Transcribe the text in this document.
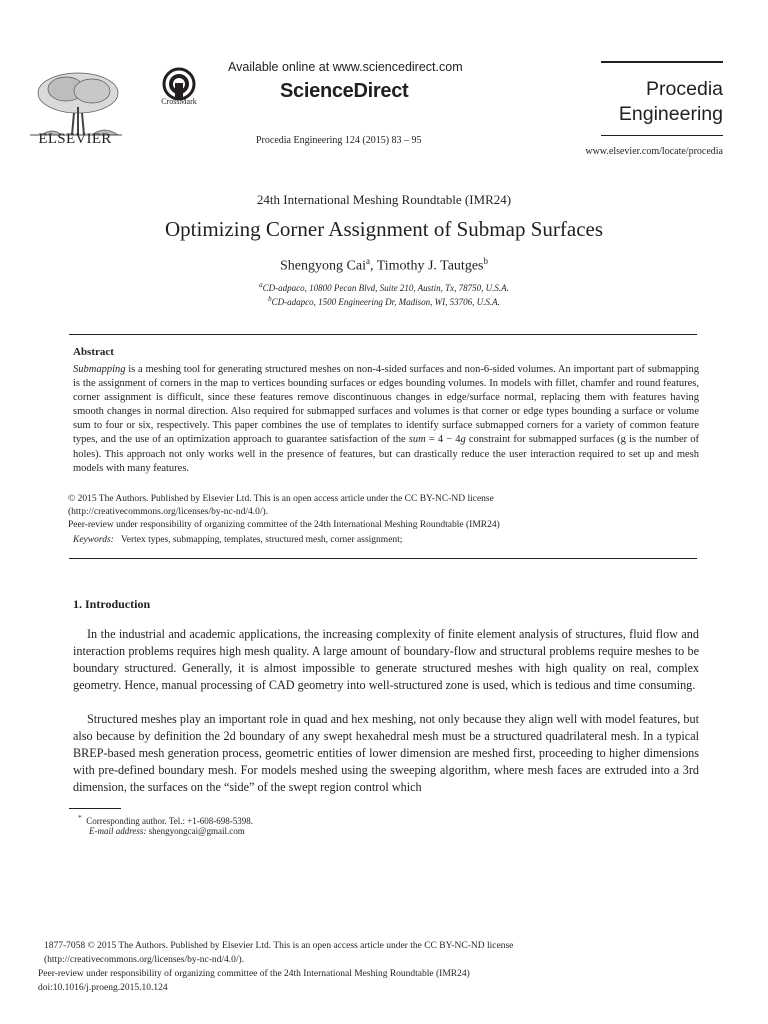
ELSEVIER
CrossMark
Available online at www.sciencedirect.com
ScienceDirect
Procedia Engineering 124 (2015) 83 – 95
Procedia
Engineering
www.elsevier.com/locate/procedia
24th International Meshing Roundtable (IMR24)
Optimizing Corner Assignment of Submap Surfaces
Shengyong Cai$^a$, Timothy J. Tautges$^b$
$^a$CD-adpaco, 10800 Pecan Blvd, Suite 210, Austin, Tx, 78750, U.S.A.
$^b$CD-adapco, 1500 Engineering Dr, Madison, WI, 53706, U.S.A.
Abstract
Submapping is a meshing tool for generating structured meshes on non-4-sided surfaces and non-6-sided volumes. An important part of submapping is the assignment of corners in the map to vertices bounding surfaces or edges bounding volumes. In models with fillet, chamfer and round features, corner assignment is difficult, since these features remove discontinuous changes in edge/surface normal, replacing them with features having smooth changes in normal direction. Also required for submapped surfaces and volumes is that corner or edge types bounding a surface or volume sum to four or six, respectively. This paper combines the use of templates to identify surface submapped corners for a variety of common feature types, and the use of an optimization approach to guarantee satisfaction of the sum = 4 − 4g constraint for submapped surfaces (g is the number of holes). This approach not only works well in the presence of features, but can drastically reduce the user interaction required to set up and mesh models with many features.
© 2015 The Authors. Published by Elsevier Ltd. This is an open access article under the CC BY-NC-ND license
(http://creativecommons.org/licenses/by-nc-nd/4.0/).
Peer-review under responsibility of organizing committee of the 24th International Meshing Roundtable (IMR24)
Keywords: Vertex types, submapping, templates, structured mesh, corner assignment;
1. Introduction
In the industrial and academic applications, the increasing complexity of finite element analysis of structures, fluid flow and interaction problems requires high mesh quality. A large amount of boundary-flow and structural problems require meshes to be boundary structured. Generally, it is almost impossible to generate structured meshes with high quality on real, complex geometry. Hence, manual processing of CAD geometry into well-structured zone is used, which is tedious and time consuming.
Structured meshes play an important role in quad and hex meshing, not only because they align well with model features, but also because by definition the 2d boundary of any swept hexahedral mesh must be a structured quadrilateral mesh. In a typical BREP-based mesh generation process, geometric entities of lower dimension are meshed first, proceeding to higher dimensions with pre-defined boundary mesh. For models meshed using the sweeping algorithm, where mesh faces are extruded into a 3rd dimension, the surfaces on the “side” of the swept region control which
* Corresponding author. Tel.: +1-608-698-5398.
E-mail address: shengyongcai@gmail.com
1877-7058 © 2015 The Authors. Published by Elsevier Ltd. This is an open access article under the CC BY-NC-ND license
(http://creativecommons.org/licenses/by-nc-nd/4.0/).
Peer-review under responsibility of organizing committee of the 24th International Meshing Roundtable (IMR24)
doi:10.1016/j.proeng.2015.10.124
